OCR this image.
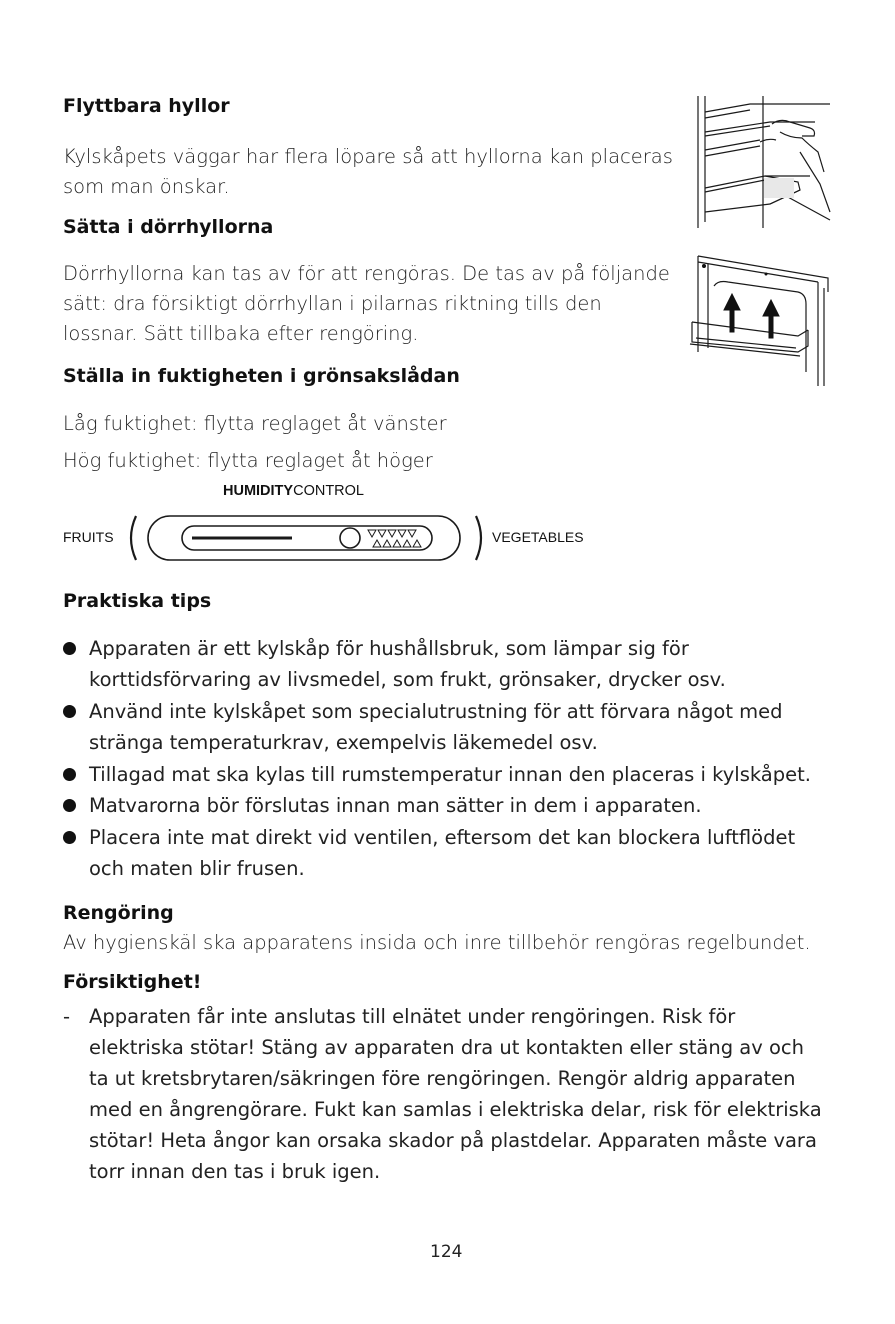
Flyttbara hyllor
Kylskåpets väggar har flera löpare så att hyllorna kan placeras
som man önskar.
Sätta i dörrhyllorna
Dörrhyllorna kan tas av för att rengöras. De tas av på följande
sätt: dra försiktigt dörrhyllan i pilarnas riktning tills den
lossnar. Sätt tillbaka efter rengöring.
Ställa in fuktigheten i grönsakslådan
Låg fuktighet: flytta reglaget åt vänster
Hög fuktighet: flytta reglaget åt höger
HUMIDITYCONTROL
FRUITS	VEGETABLES
Praktiska tips
Apparaten är ett kylskåp för hushållsbruk, som lämpar sig för
korttidsförvaring av livsmedel, som frukt, grönsaker, drycker osv.
Använd inte kylskåpet som specialutrustning för att förvara något med
stränga temperaturkrav, exempelvis läkemedel osv.
Tillagad mat ska kylas till rumstemperatur innan den placeras i kylskåpet.
Matvarorna bör förslutas innan man sätter in dem i apparaten.
Placera inte mat direkt vid ventilen, eftersom det kan blockera luftflödet
och maten blir frusen.
Rengöring
Av hygienskäl ska apparatens insida och inre tillbehör rengöras regelbundet.
Försiktighet!
- Apparaten får inte anslutas till elnätet under rengöringen. Risk för
elektriska stötar! Stäng av apparaten dra ut kontakten eller stäng av och
ta ut kretsbrytaren/säkringen före rengöringen. Rengör aldrig apparaten
med en ångrengörare. Fukt kan samlas i elektriska delar, risk för elektriska
stötar! Heta ångor kan orsaka skador på plastdelar. Apparaten måste vara
torr innan den tas i bruk igen.
124
